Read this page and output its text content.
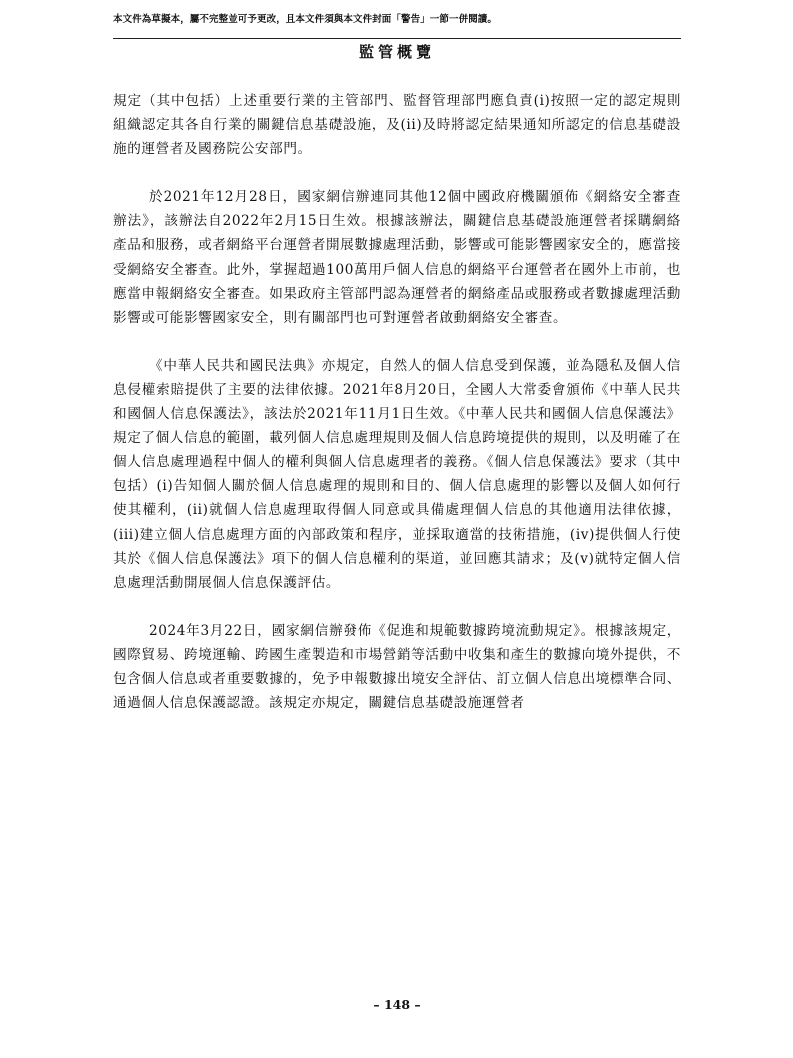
本文件為草擬本，屬不完整並可予更改，且本文件須與本文件封面「警告」一節一併閱讀。
監管概覽

規定（其中包括）上述重要行業的主管部門、監督管理部門應負責(i)按照一定的認定規則組織認定其各自行業的關鍵信息基礎設施，及(ii)及時將認定結果通知所認定的信息基礎設施的運營者及國務院公安部門。

於2021年12月28日，國家網信辦連同其他12個中國政府機關頒佈《網絡安全審查辦法》，該辦法自2022年2月15日生效。根據該辦法，關鍵信息基礎設施運營者採購網絡產品和服務，或者網絡平台運營者開展數據處理活動，影響或可能影響國家安全的，應當接受網絡安全審查。此外，掌握超過100萬用戶個人信息的網絡平台運營者在國外上市前，也應當申報網絡安全審查。如果政府主管部門認為運營者的網絡產品或服務或者數據處理活動影響或可能影響國家安全，則有關部門也可對運營者啟動網絡安全審查。

《中華人民共和國民法典》亦規定，自然人的個人信息受到保護，並為隱私及個人信息侵權索賠提供了主要的法律依據。2021年8月20日，全國人大常委會頒佈《中華人民共和國個人信息保護法》，該法於2021年11月1日生效。《中華人民共和國個人信息保護法》規定了個人信息的範圍，載列個人信息處理規則及個人信息跨境提供的規則，以及明確了在個人信息處理過程中個人的權利與個人信息處理者的義務。《個人信息保護法》要求（其中包括）(i)告知個人關於個人信息處理的規則和目的、個人信息處理的影響以及個人如何行使其權利，(ii)就個人信息處理取得個人同意或具備處理個人信息的其他適用法律依據，(iii)建立個人信息處理方面的內部政策和程序，並採取適當的技術措施，(iv)提供個人行使其於《個人信息保護法》項下的個人信息權利的渠道，並回應其請求；及(v)就特定個人信息處理活動開展個人信息保護評估。

2024年3月22日，國家網信辦發佈《促進和規範數據跨境流動規定》。根據該規定，國際貿易、跨境運輸、跨國生產製造和市場營銷等活動中收集和產生的數據向境外提供，不包含個人信息或者重要數據的，免予申報數據出境安全評估、訂立個人信息出境標準合同、通過個人信息保護認證。該規定亦規定，關鍵信息基礎設施運營者

– 148 –
